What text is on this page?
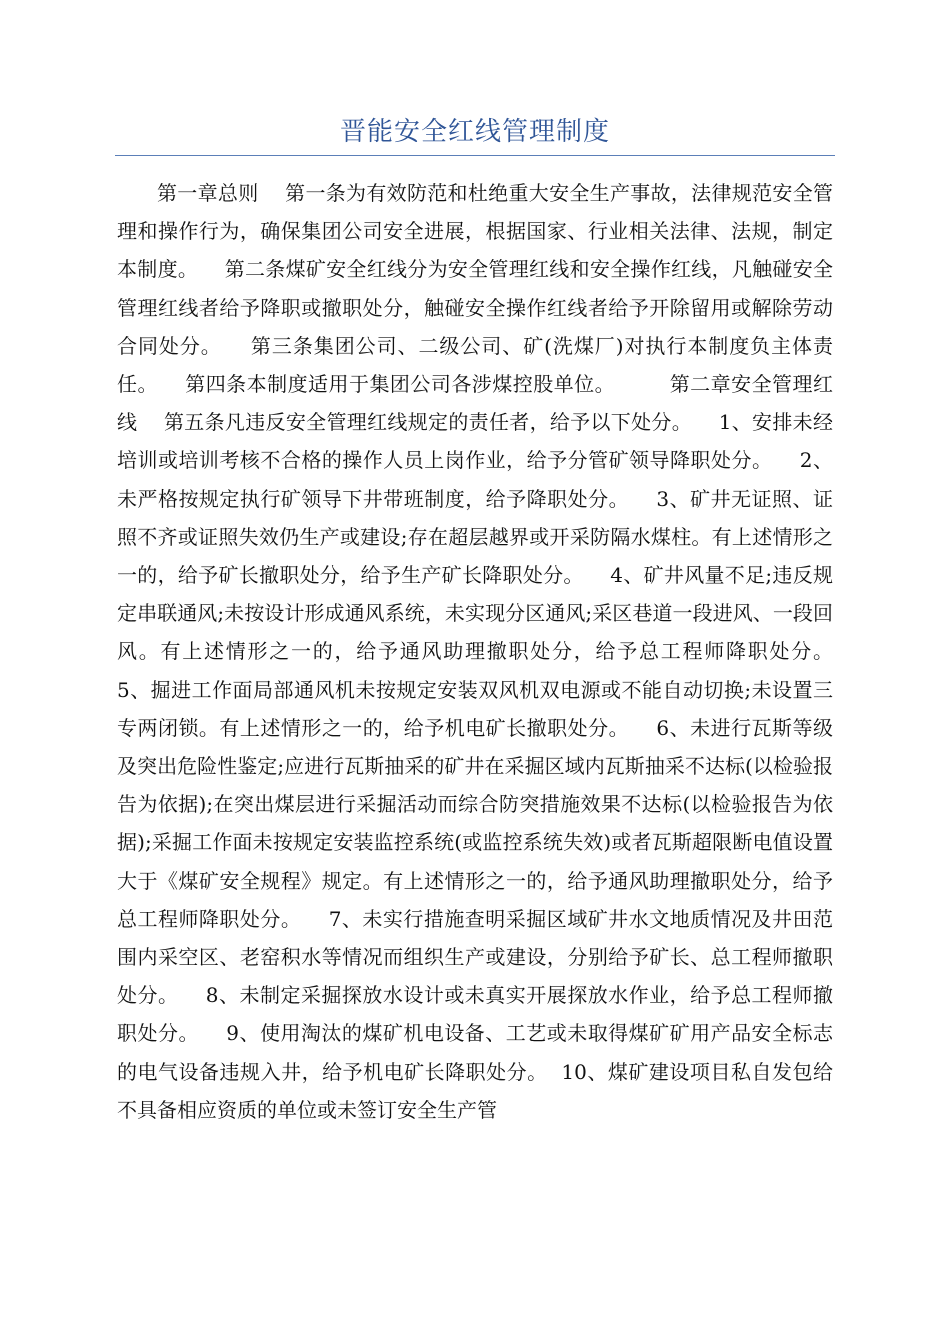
晋能安全红线管理制度

第一章总则    第一条为有效防范和杜绝重大安全生产事故，法律规范安全管理和操作行为，确保集团公司安全进展，根据国家、行业相关法律、法规，制定本制度。    第二条煤矿安全红线分为安全管理红线和安全操作红线，凡触碰安全管理红线者给予降职或撤职处分，触碰安全操作红线者给予开除留用或解除劳动合同处分。    第三条集团公司、二级公司、矿(洗煤厂)对执行本制度负主体责任。    第四条本制度适用于集团公司各涉煤控股单位。        第二章安全管理红线    第五条凡违反安全管理红线规定的责任者，给予以下处分。    1、安排未经培训或培训考核不合格的操作人员上岗作业，给予分管矿领导降职处分。    2、未严格按规定执行矿领导下井带班制度，给予降职处分。    3、矿井无证照、证照不齐或证照失效仍生产或建设;存在超层越界或开采防隔水煤柱。有上述情形之一的，给予矿长撤职处分，给予生产矿长降职处分。    4、矿井风量不足;违反规定串联通风;未按设计形成通风系统，未实现分区通风;采区巷道一段进风、一段回风。有上述情形之一的，给予通风助理撤职处分，给予总工程师降职处分。    5、掘进工作面局部通风机未按规定安装双风机双电源或不能自动切换;未设置三专两闭锁。有上述情形之一的，给予机电矿长撤职处分。    6、未进行瓦斯等级及突出危险性鉴定;应进行瓦斯抽采的矿井在采掘区域内瓦斯抽采不达标(以检验报告为依据);在突出煤层进行采掘活动而综合防突措施效果不达标(以检验报告为依据);采掘工作面未按规定安装监控系统(或监控系统失效)或者瓦斯超限断电值设置大于《煤矿安全规程》规定。有上述情形之一的，给予通风助理撤职处分，给予总工程师降职处分。    7、未实行措施查明采掘区域矿井水文地质情况及井田范围内采空区、老窑积水等情况而组织生产或建设，分别给予矿长、总工程师撤职处分。    8、未制定采掘探放水设计或未真实开展探放水作业，给予总工程师撤职处分。    9、使用淘汰的煤矿机电设备、工艺或未取得煤矿矿用产品安全标志的电气设备违规入井，给予机电矿长降职处分。  10、煤矿建设项目私自发包给不具备相应资质的单位或未签订安全生产管
